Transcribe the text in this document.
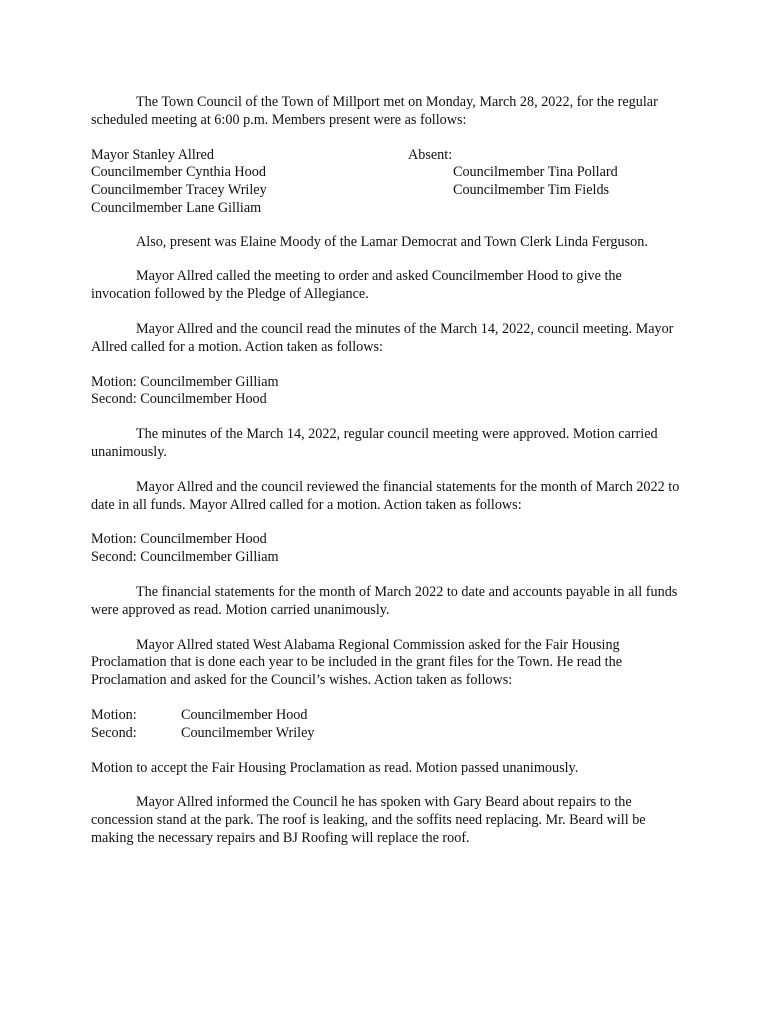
The Town Council of the Town of Millport met on Monday, March 28, 2022, for the regular scheduled meeting at 6:00 p.m. Members present were as follows:

Mayor Stanley Allred
Councilmember Cynthia Hood
Councilmember Tracey Wriley
Councilmember Lane Gilliam
Absent:
Councilmember Tina Pollard
Councilmember Tim Fields

Also, present was Elaine Moody of the Lamar Democrat and Town Clerk Linda Ferguson.

Mayor Allred called the meeting to order and asked Councilmember Hood to give the invocation followed by the Pledge of Allegiance.

Mayor Allred and the council read the minutes of the March 14, 2022, council meeting. Mayor Allred called for a motion. Action taken as follows:

Motion: Councilmember Gilliam
Second: Councilmember Hood

The minutes of the March 14, 2022, regular council meeting were approved. Motion carried unanimously.

Mayor Allred and the council reviewed the financial statements for the month of March 2022 to date in all funds. Mayor Allred called for a motion. Action taken as follows:

Motion: Councilmember Hood
Second: Councilmember Gilliam

The financial statements for the month of March 2022 to date and accounts payable in all funds were approved as read. Motion carried unanimously.

Mayor Allred stated West Alabama Regional Commission asked for the Fair Housing Proclamation that is done each year to be included in the grant files for the Town. He read the Proclamation and asked for the Council’s wishes. Action taken as follows:

Motion:	Councilmember Hood
Second:	Councilmember Wriley

Motion to accept the Fair Housing Proclamation as read. Motion passed unanimously.

Mayor Allred informed the Council he has spoken with Gary Beard about repairs to the concession stand at the park. The roof is leaking, and the soffits need replacing. Mr. Beard will be making the necessary repairs and BJ Roofing will replace the roof.
